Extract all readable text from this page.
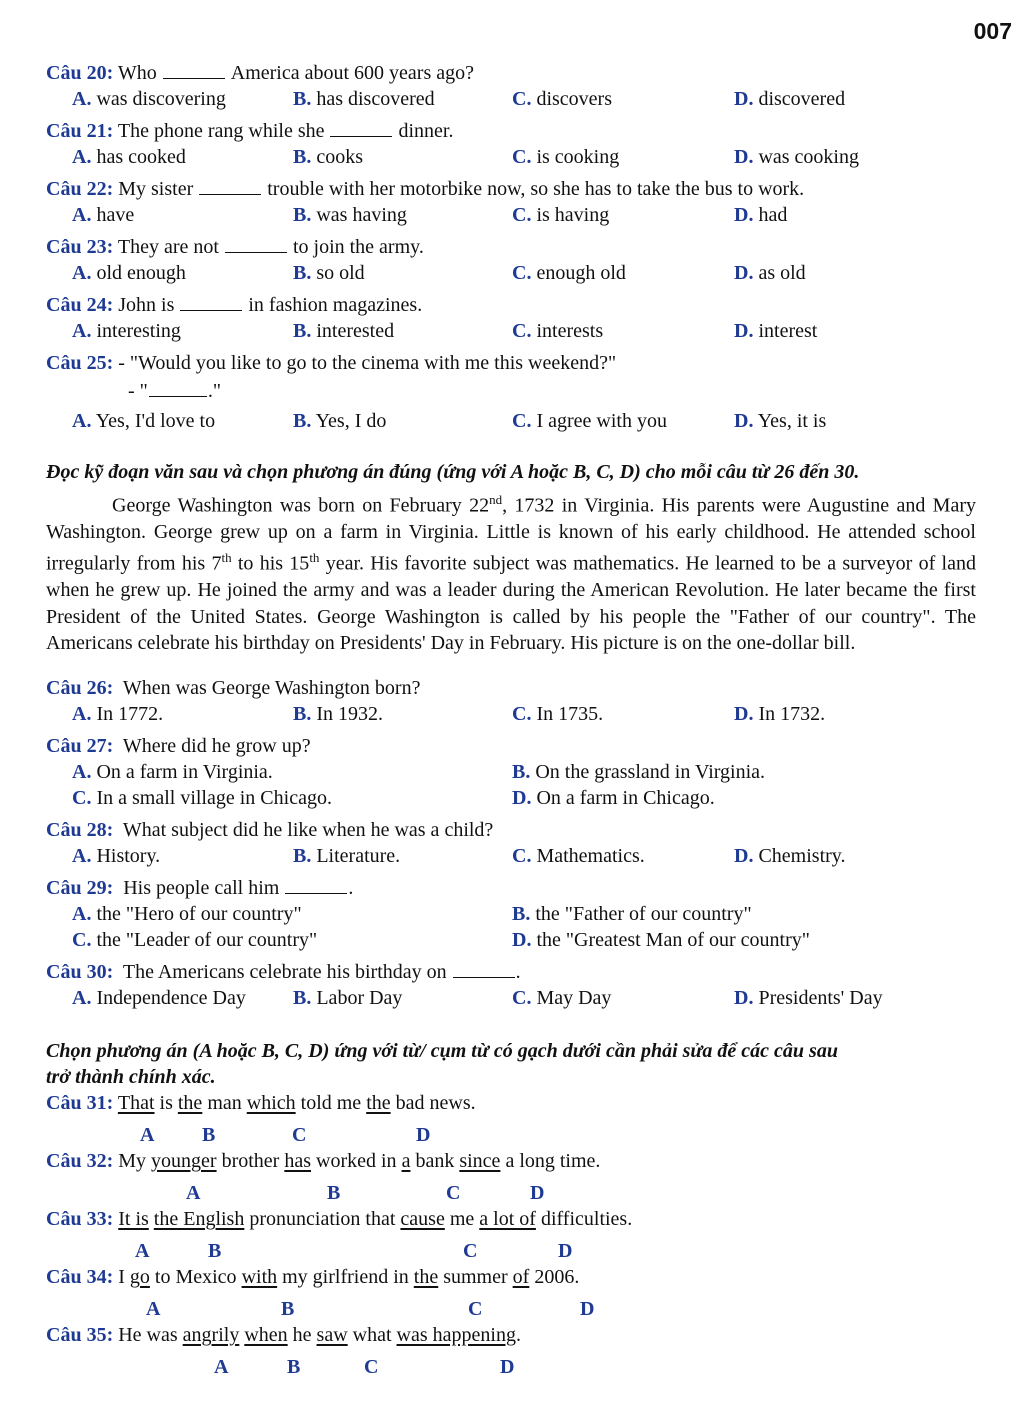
007
Câu 20: Who	America about 600 years ago?
A. was discovering	B. has discovered	C. discovers	D. discovered
Câu 21: The phone rang while she	dinner.
A. has cooked	B. cooks	C. is cooking	D. was cooking
Câu 22: My sister	trouble with her motorbike now, so she has to take the bus to work.
A. have	B. was having	C. is having	D. had
Câu 23: They are not	to join the army.
A. old enough	B. so old	C. enough old	D. as old
Câu 24: John is	in fashion magazines.
A. interesting	B. interested	C. interests	D. interest
Câu 25: - "Would you like to go to the cinema with me this weekend?"
- "	."
A. Yes, I'd love to	B. Yes, I do	C. I agree with you	D. Yes, it is
Đọc kỹ đoạn văn sau và chọn phương án đúng (ứng với A hoặc B, C, D) cho mỗi câu từ 26 đến 30.
George Washington was born on February 22nd, 1732 in Virginia. His parents were Augustine and Mary Washington. George grew up on a farm in Virginia. Little is known of his early childhood. He attended school irregularly from his 7th to his 15th year. His favorite subject was mathematics. He learned to be a surveyor of land when he grew up. He joined the army and was a leader during the American Revolution. He later became the first President of the United States. George Washington is called by his people the "Father of our country". The Americans celebrate his birthday on Presidents' Day in February. His picture is on the one-dollar bill.
Câu 26: When was George Washington born?
A. In 1772.	B. In 1932.	C. In 1735.	D. In 1732.
Câu 27: Where did he grow up?
A. On a farm in Virginia.	B. On the grassland in Virginia.
C. In a small village in Chicago.	D. On a farm in Chicago.
Câu 28: What subject did he like when he was a child?
A. History.	B. Literature.	C. Mathematics.	D. Chemistry.
Câu 29: His people call him	.
A. the "Hero of our country"	B. the "Father of our country"
C. the "Leader of our country"	D. the "Greatest Man of our country"
Câu 30: The Americans celebrate his birthday on	.
A. Independence Day B. Labor Day	C. May Day	D. Presidents' Day
Chọn phương án (A hoặc B, C, D) ứng với từ/ cụm từ có gạch dưới cần phải sửa để các câu sau
trở thành chính xác.
Câu 31: That is the man which told me the bad news.
A B	C	D
Câu 32: My younger brother has worked in a bank since a long time.
A	B	C	D
Câu 33: It is the English pronunciation that cause me a lot of difficulties.
A	B	C	D
Câu 34: I go to Mexico with my girlfriend in the summer of 2006.
A	B	C	D
Câu 35: He was angrily when he saw what was happening.
A	B	C	D
